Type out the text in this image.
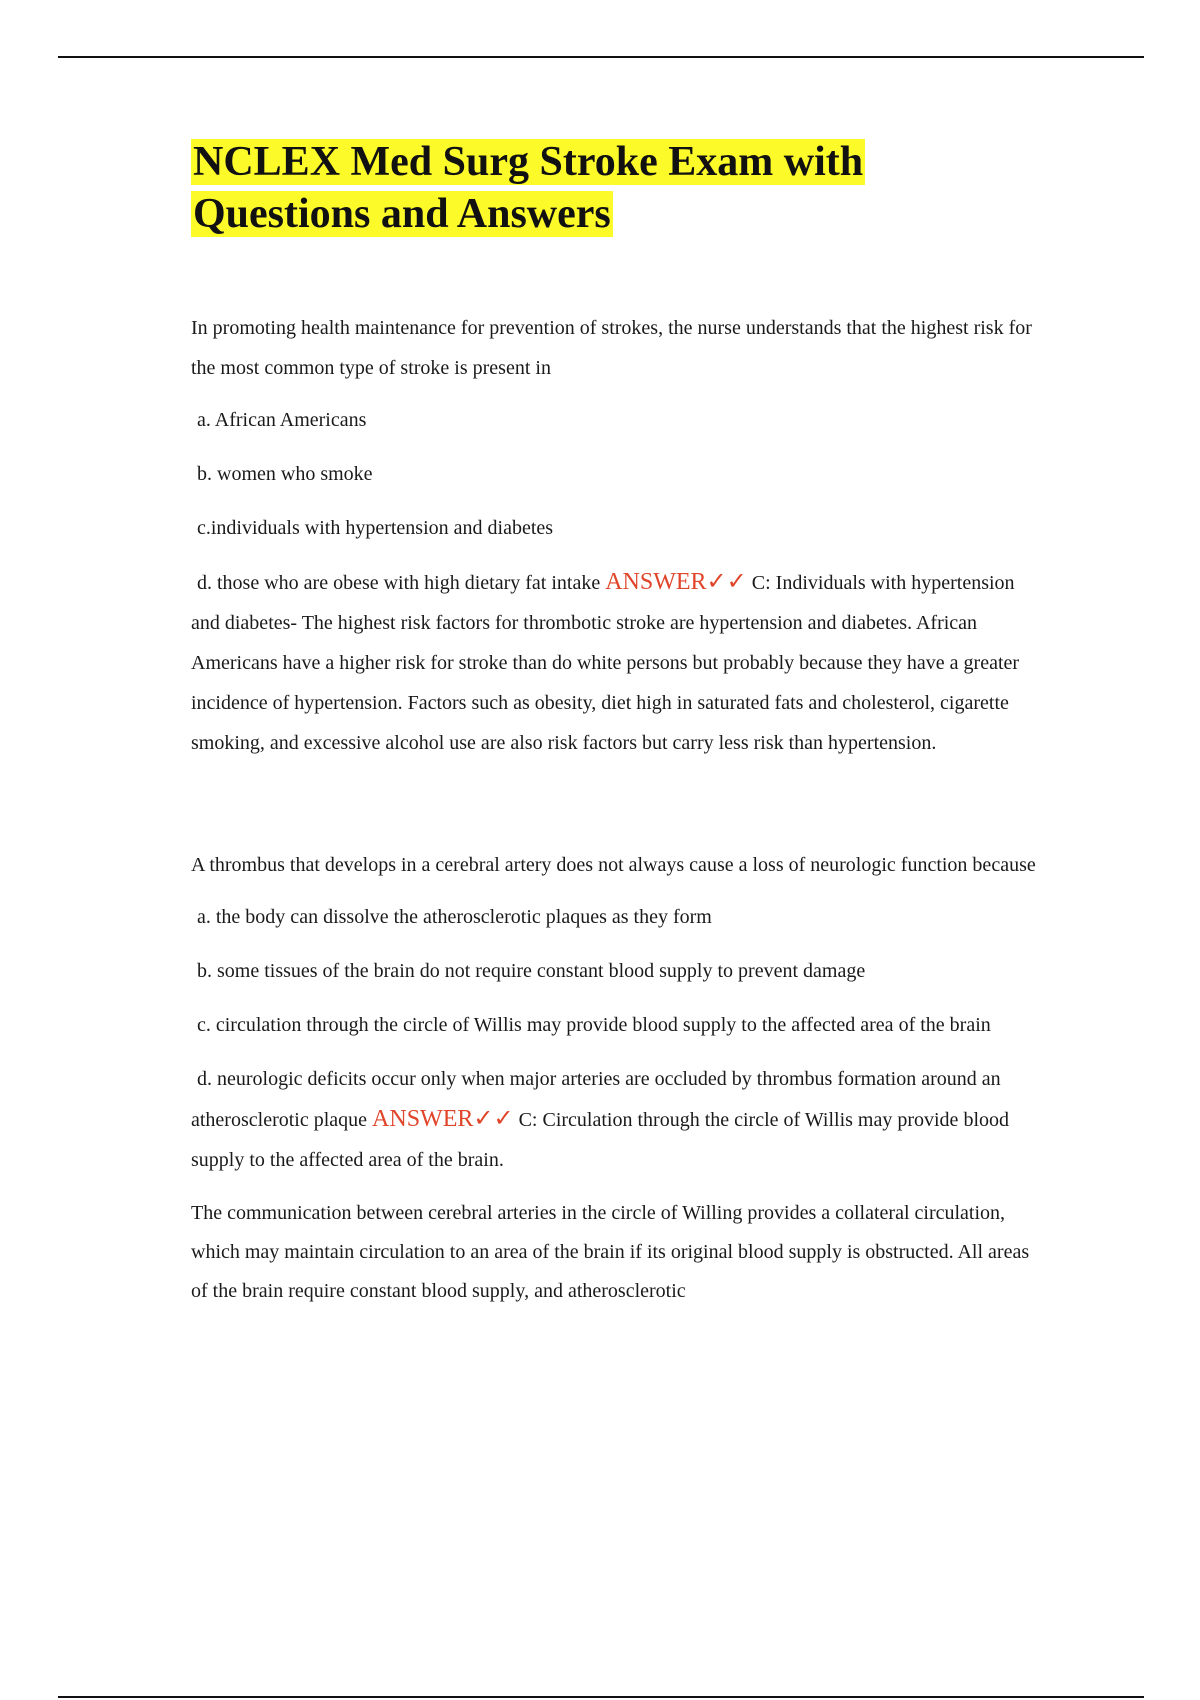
NCLEX Med Surg Stroke Exam with Questions and Answers

In promoting health maintenance for prevention of strokes, the nurse understands that the highest risk for the most common type of stroke is present in

a. African Americans

b. women who smoke

c.individuals with hypertension and diabetes

d. those who are obese with high dietary fat intake ANSWER✓✓ C: Individuals with hypertension and diabetes- The highest risk factors for thrombotic stroke are hypertension and diabetes. African Americans have a higher risk for stroke than do white persons but probably because they have a greater incidence of hypertension. Factors such as obesity, diet high in saturated fats and cholesterol, cigarette smoking, and excessive alcohol use are also risk factors but carry less risk than hypertension.

A thrombus that develops in a cerebral artery does not always cause a loss of neurologic function because

a. the body can dissolve the atherosclerotic plaques as they form

b. some tissues of the brain do not require constant blood supply to prevent damage

c. circulation through the circle of Willis may provide blood supply to the affected area of the brain

d. neurologic deficits occur only when major arteries are occluded by thrombus formation around an atherosclerotic plaque ANSWER✓✓ C: Circulation through the circle of Willis may provide blood supply to the affected area of the brain.

The communication between cerebral arteries in the circle of Willing provides a collateral circulation, which may maintain circulation to an area of the brain if its original blood supply is obstructed. All areas of the brain require constant blood supply, and atherosclerotic
